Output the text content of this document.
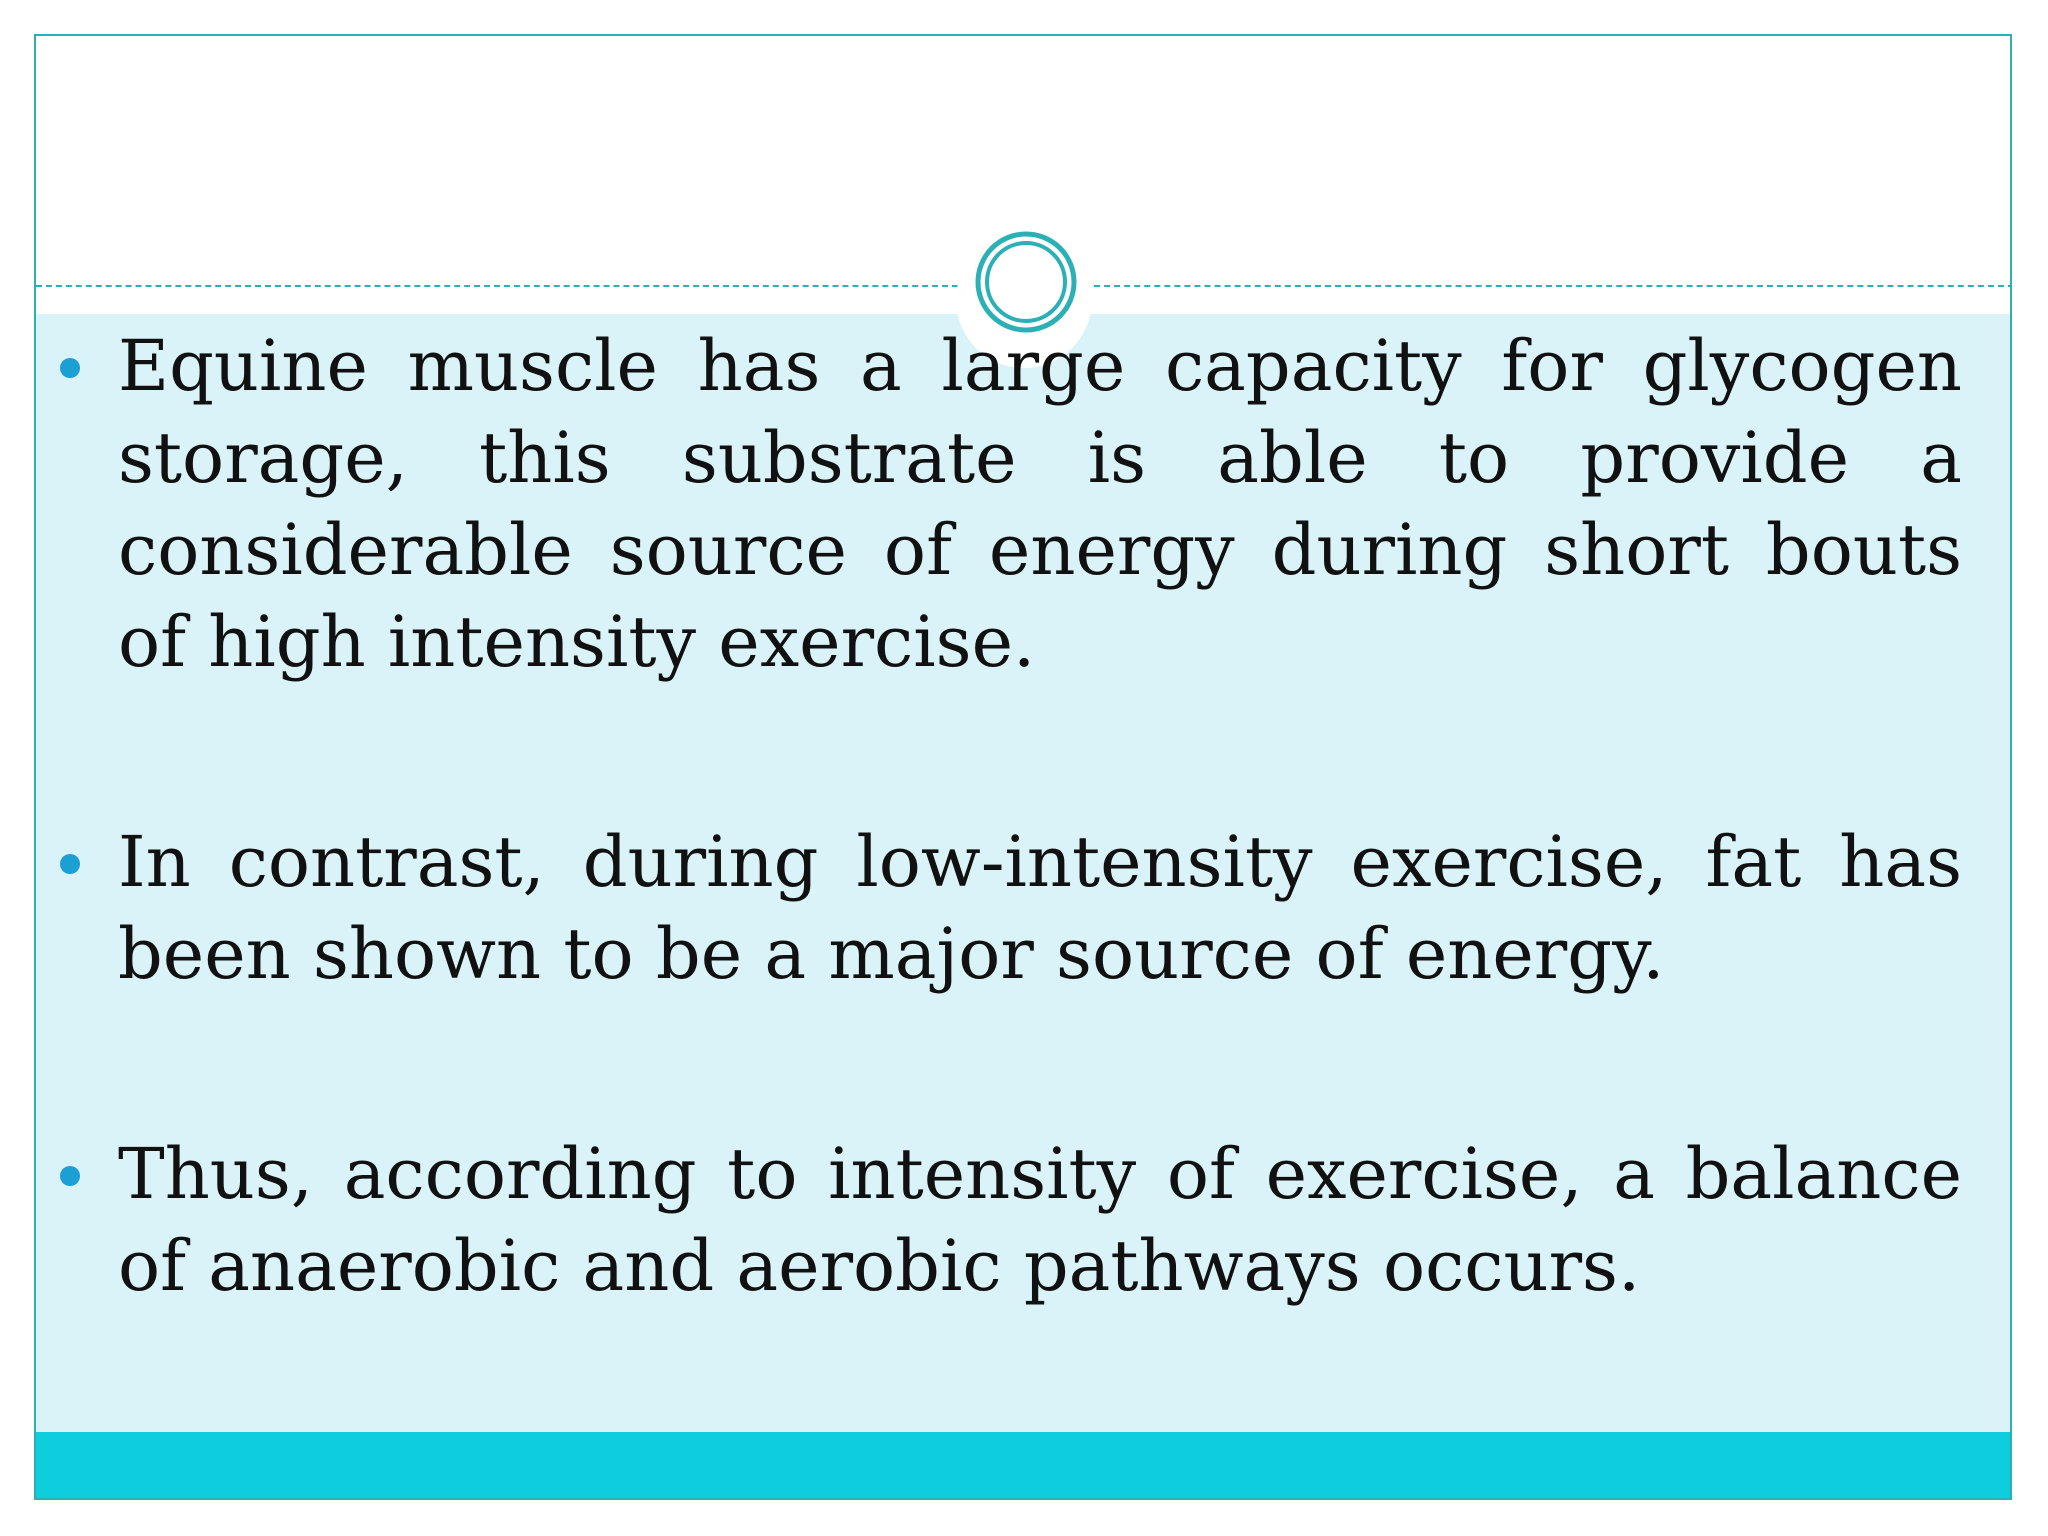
Equine muscle has a large capacity for glycogen storage, this substrate is able to provide a considerable source of energy during short bouts of high intensity exercise.
In contrast, during low-intensity exercise, fat has been shown to be a major source of energy.
Thus, according to intensity of exercise, a balance of anaerobic and aerobic pathways occurs.
